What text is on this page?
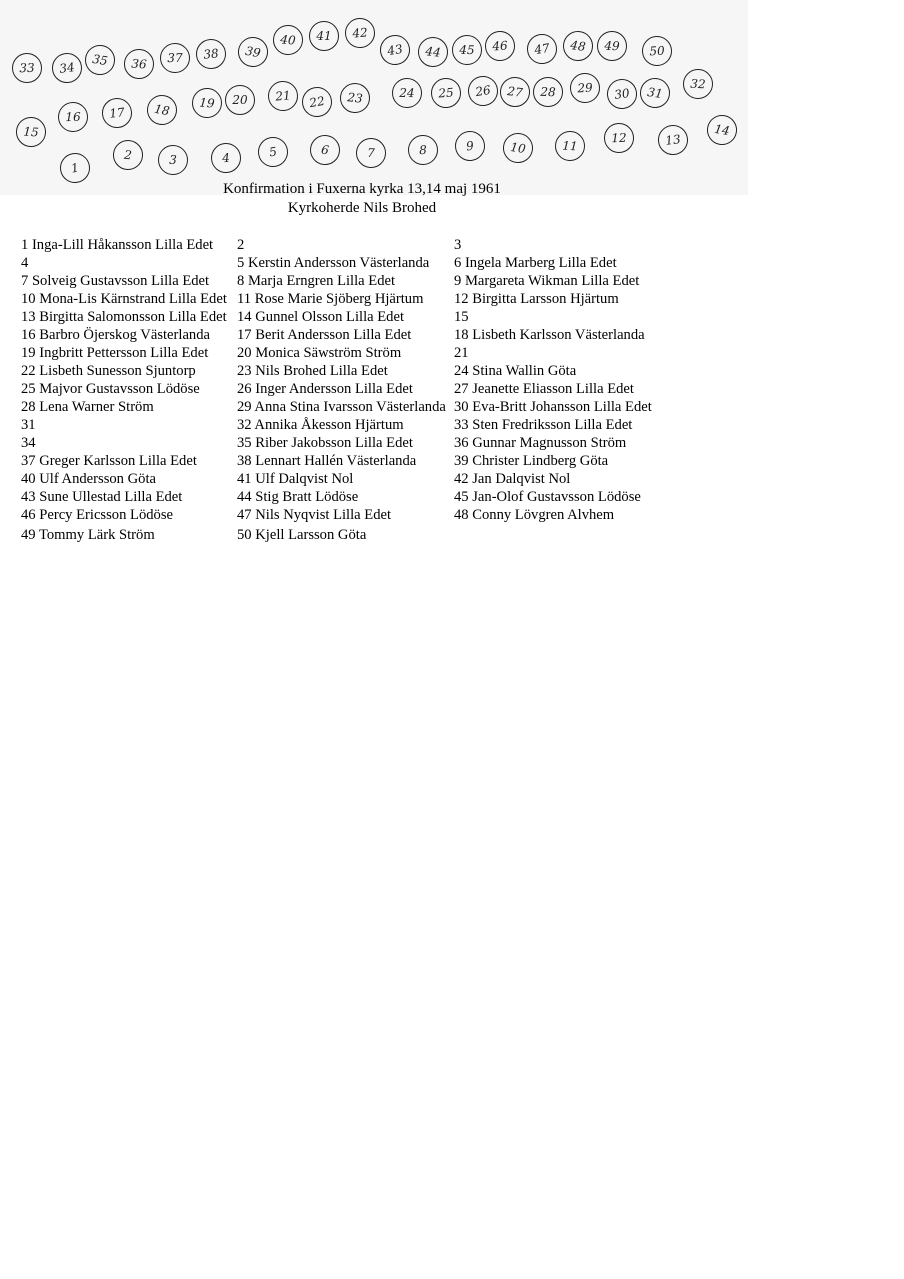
1
2	3	4	5	6	7	8	9	10	11
12	13
14
15
16	17	18	19	20	21	22	23	24	25	26	27	28	29	30	31
32
33	34	35	36	37	38	39
40	41	42
43	44	45	46	47	48	49	50
Konfirmation i Fuxerna kyrka 13,14 maj 1961
Kyrkoherde Nils Brohed
1 Inga-Lill Håkansson Lilla Edet 2	3
4	5 Kerstin Andersson Västerlanda 6 Ingela Marberg Lilla Edet
7 Solveig Gustavsson Lilla Edet 8 Marja Erngren Lilla Edet	9 Margareta Wikman Lilla Edet
10 Mona-Lis Kärnstrand Lilla Edet 11 Rose Marie Sjöberg Hjärtum 12 Birgitta Larsson Hjärtum
13 Birgitta Salomonsson Lilla Edet 14 Gunnel Olsson Lilla Edet	15
16 Barbro Öjerskog Västerlanda 17 Berit Andersson Lilla Edet	18 Lisbeth Karlsson Västerlanda
19 Ingbritt Pettersson Lilla Edet 20 Monica Säwström Ström	21
22 Lisbeth Sunesson Sjuntorp	23 Nils Brohed Lilla Edet	24 Stina Wallin Göta
25 Majvor Gustavsson Lödöse	26 Inger Andersson Lilla Edet	27 Jeanette Eliasson Lilla Edet
28 Lena Warner Ström	29 Anna Stina Ivarsson Västerlanda 30 Eva-Britt Johansson Lilla Edet
31	32 Annika Åkesson Hjärtum	33 Sten Fredriksson Lilla Edet
34	35 Riber Jakobsson Lilla Edet	36 Gunnar Magnusson Ström
37 Greger Karlsson Lilla Edet	38 Lennart Hallén Västerlanda	39 Christer Lindberg Göta
40 Ulf Andersson Göta	41 Ulf Dalqvist Nol	42 Jan Dalqvist Nol
43 Sune Ullestad Lilla Edet	44 Stig Bratt Lödöse	45 Jan-Olof Gustavsson Lödöse
46 Percy Ericsson Lödöse	47 Nils Nyqvist Lilla Edet	48 Conny Lövgren Alvhem
49 Tommy Lärk Ström	50 Kjell Larsson Göta
